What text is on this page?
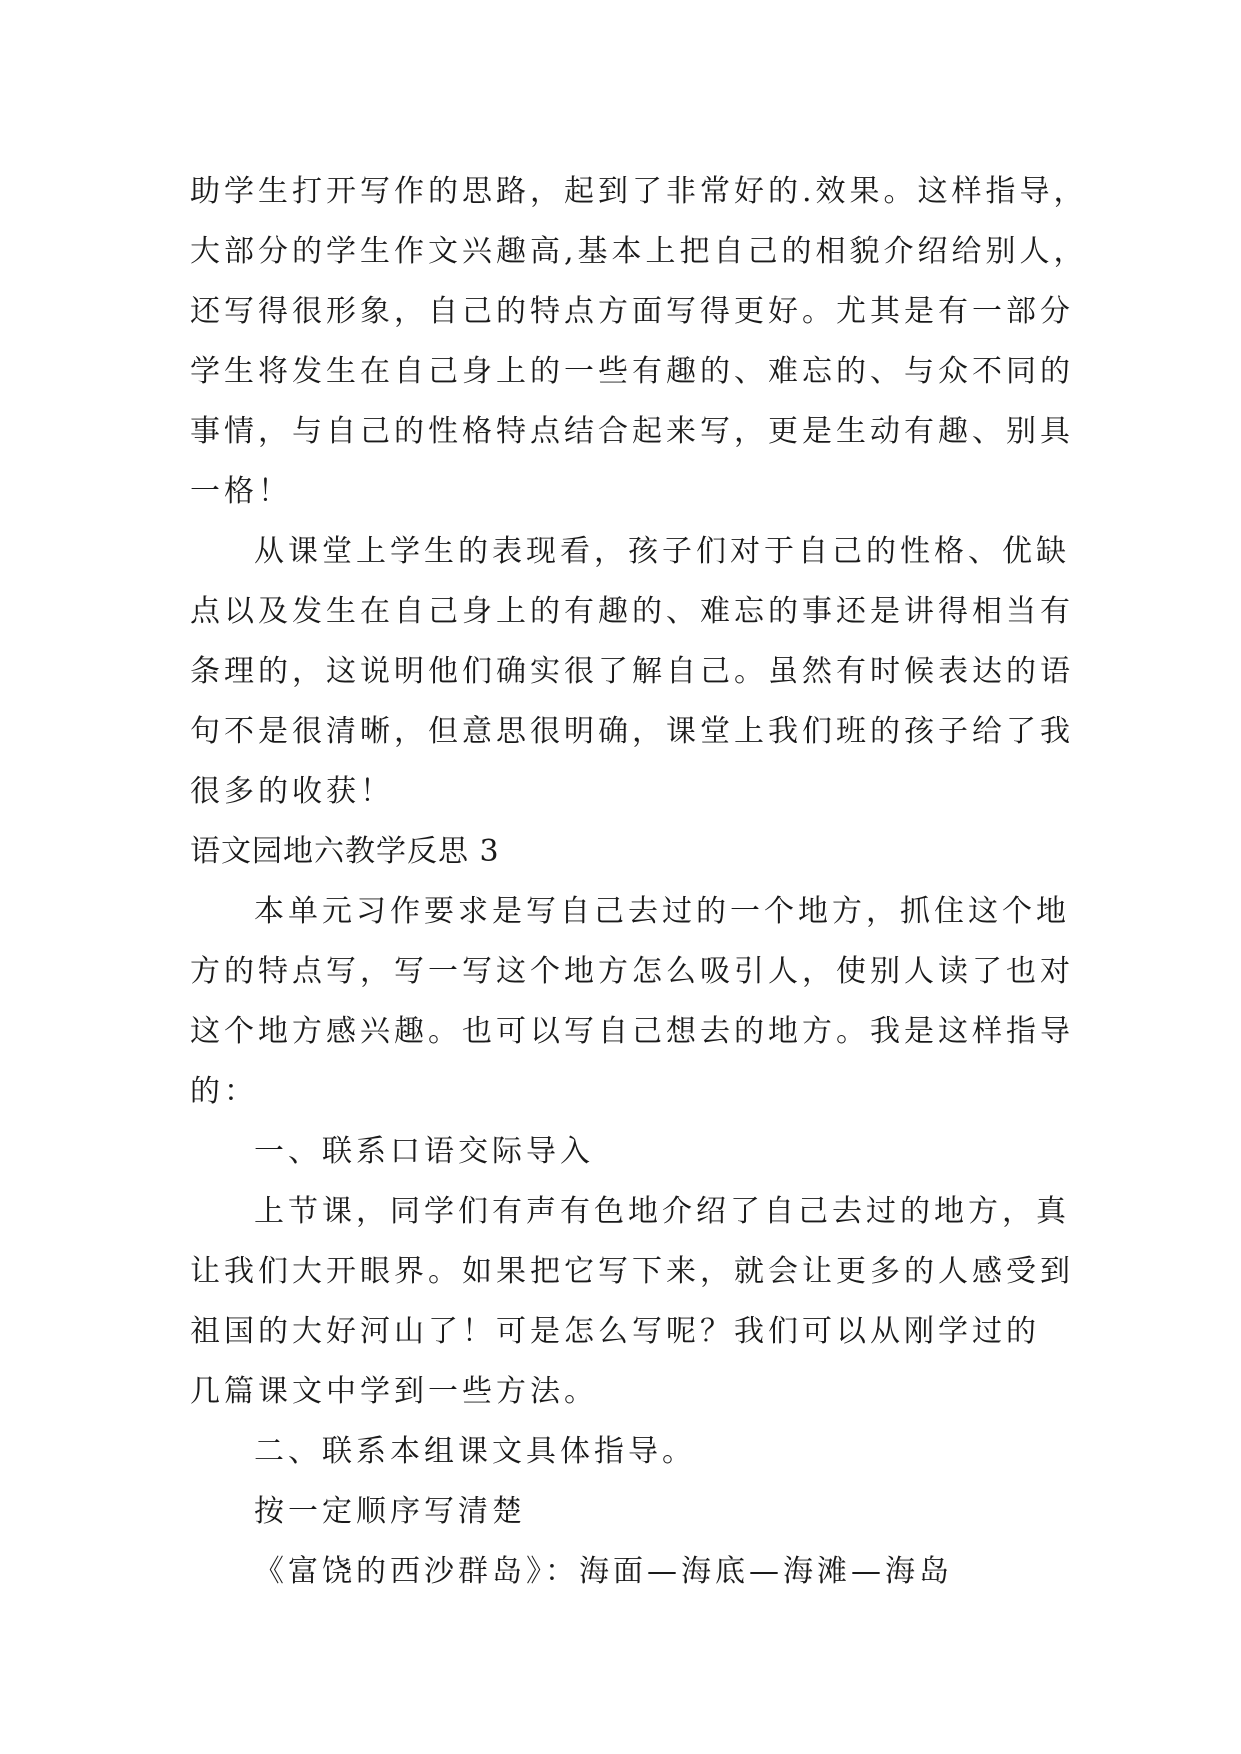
助学生打开写作的思路，起到了非常好的.效果。这样指导，
大部分的学生作文兴趣高,基本上把自己的相貌介绍给别人，
还写得很形象，自己的特点方面写得更好。尤其是有一部分
学生将发生在自己身上的一些有趣的、难忘的、与众不同的
事情，与自己的性格特点结合起来写，更是生动有趣、别具
一格！
从课堂上学生的表现看，孩子们对于自己的性格、优缺
点以及发生在自己身上的有趣的、难忘的事还是讲得相当有
条理的，这说明他们确实很了解自己。虽然有时候表达的语
句不是很清晰，但意思很明确，课堂上我们班的孩子给了我
很多的收获！
语文园地六教学反思 3
本单元习作要求是写自己去过的一个地方，抓住这个地
方的特点写，写一写这个地方怎么吸引人，使别人读了也对
这个地方感兴趣。也可以写自己想去的地方。我是这样指导
的：
一、联系口语交际导入
上节课，同学们有声有色地介绍了自己去过的地方，真
让我们大开眼界。如果把它写下来，就会让更多的人感受到
祖国的大好河山了！可是怎么写呢？我们可以从刚学过的
几篇课文中学到一些方法。
二、联系本组课文具体指导。
按一定顺序写清楚
《富饶的西沙群岛》：海面—海底—海滩—海岛
